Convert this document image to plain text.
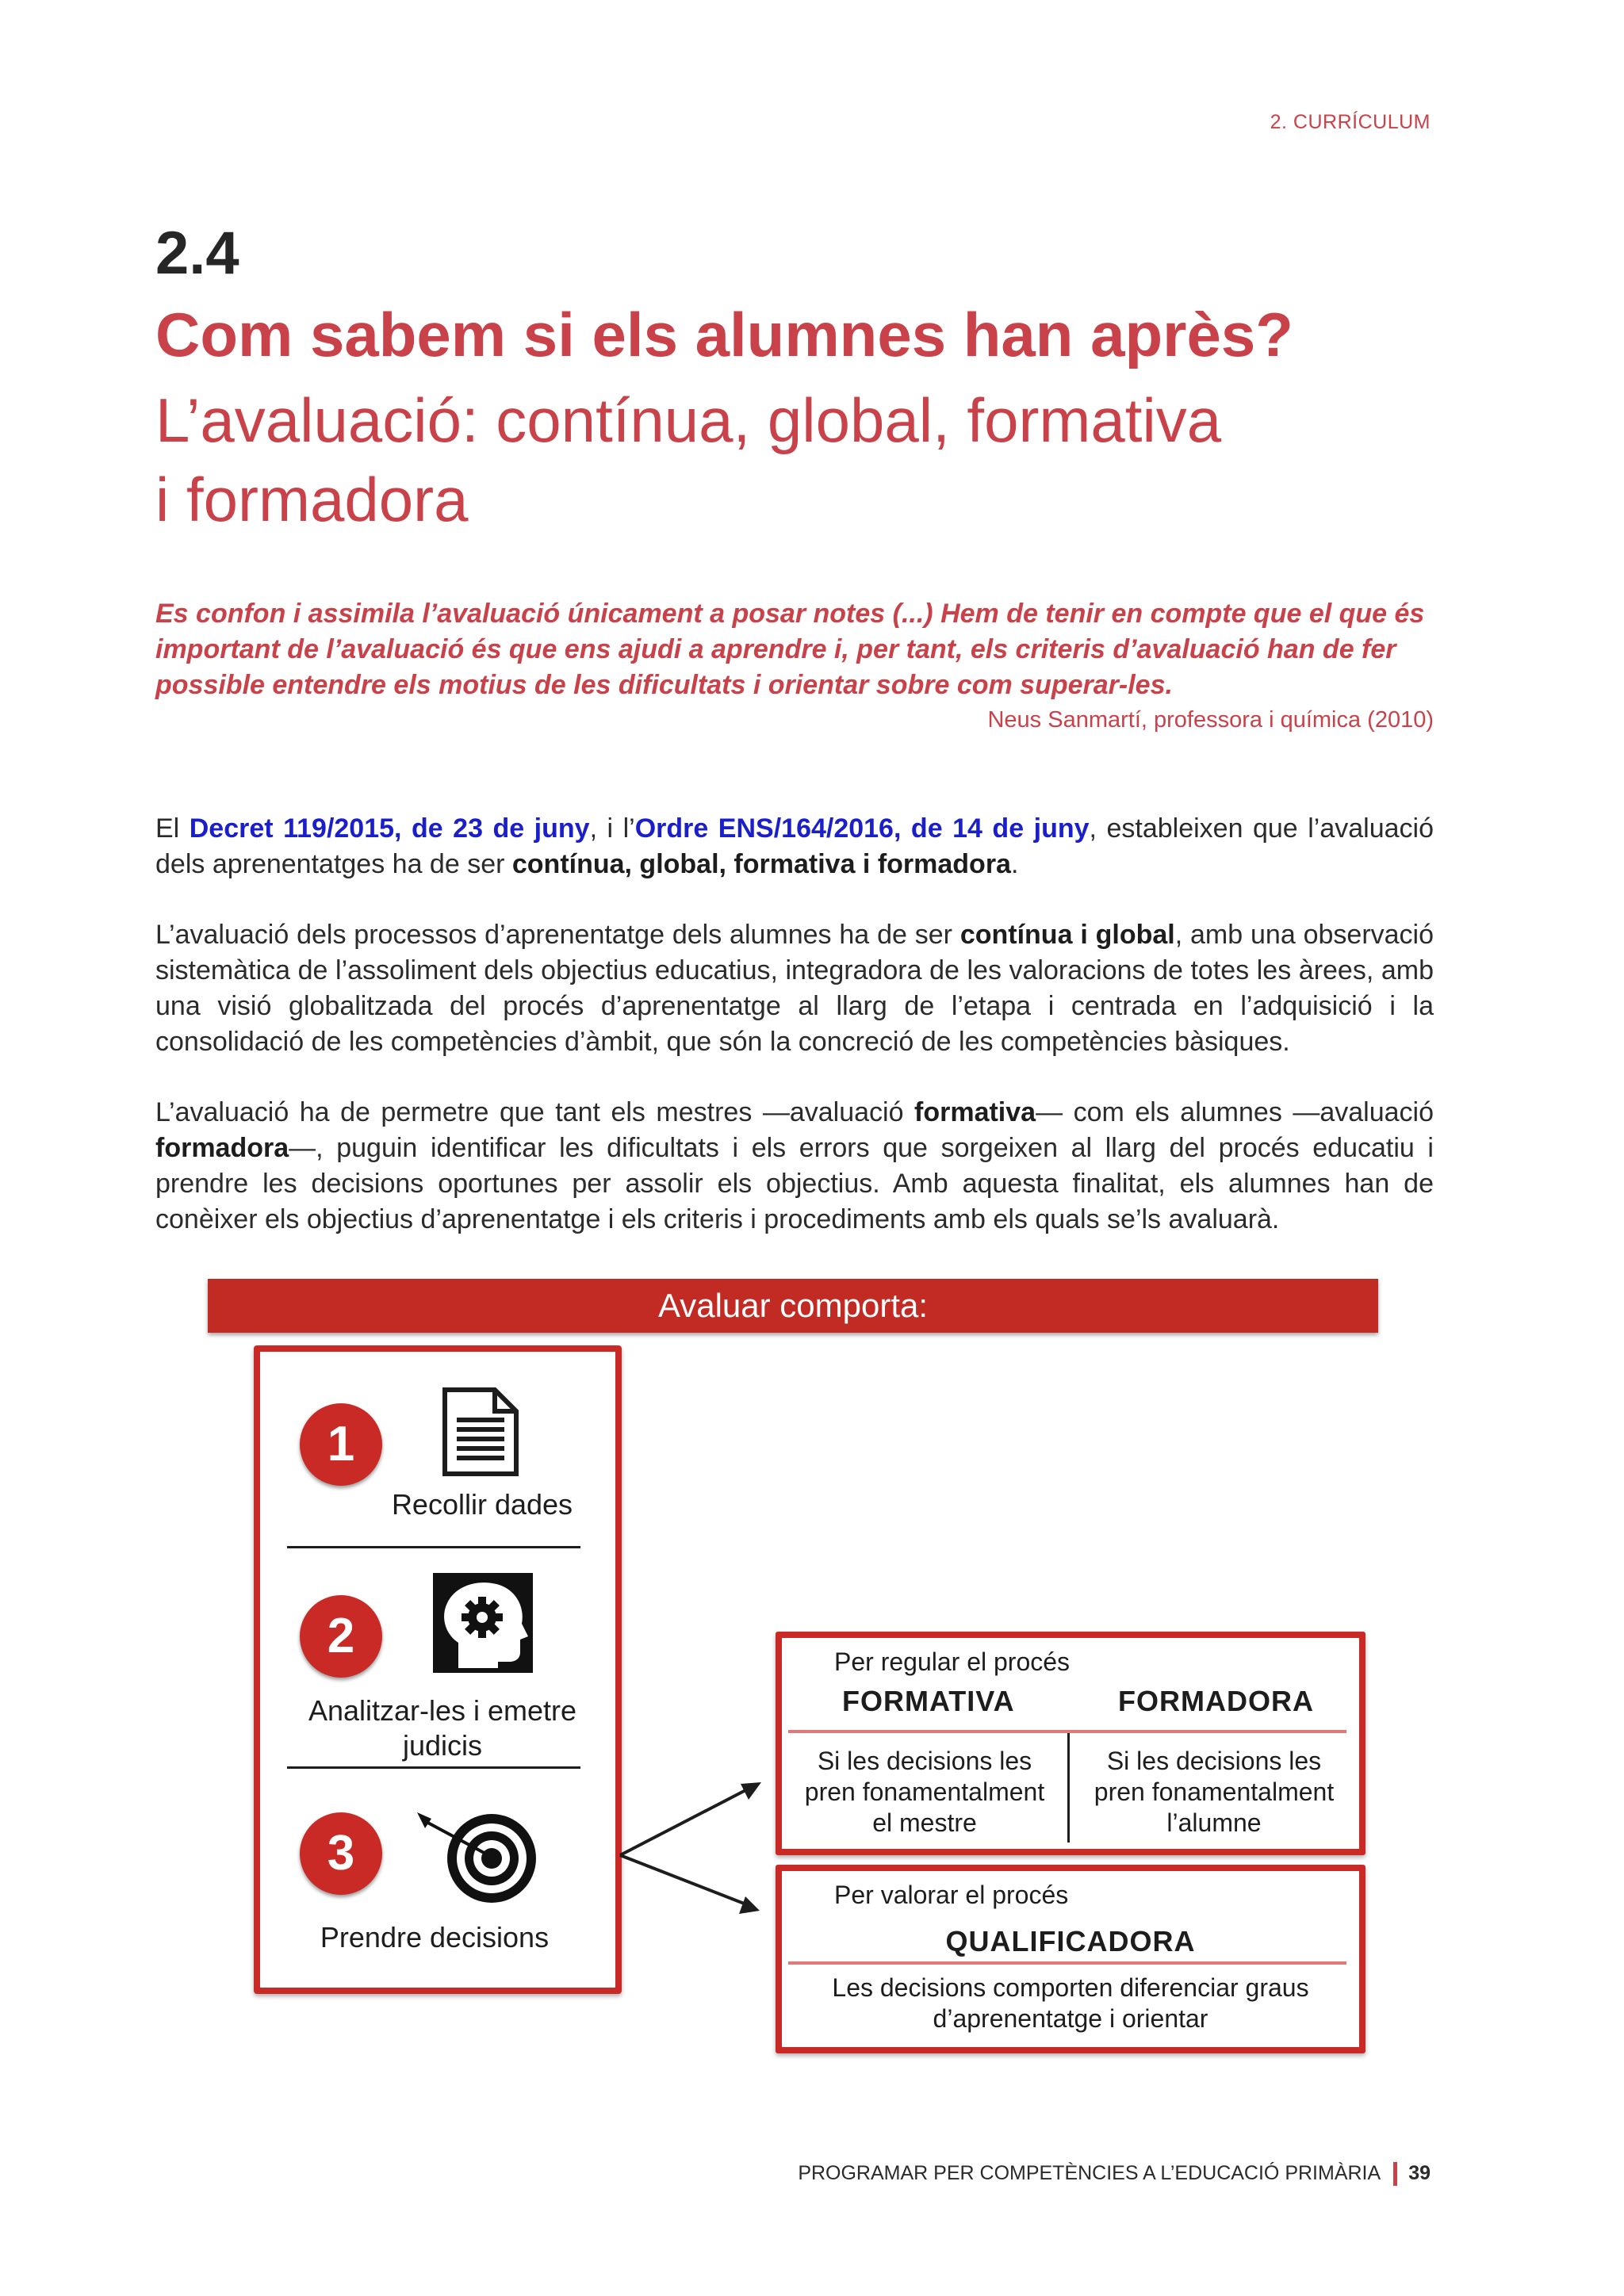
2. CURRÍCULUM
2.4
Com sabem si els alumnes han après?
L’avaluació: contínua, global, formativa
i formadora
Es confon i assimila l’avaluació únicament a posar notes (...) Hem de tenir en compte que el que és important de l’avaluació és que ens ajudi a aprendre i, per tant, els criteris d’avaluació han de fer possible entendre els motius de les dificultats i orientar sobre com superar-les.
Neus Sanmartí, professora i química (2010)
El Decret 119/2015, de 23 de juny, i l’Ordre ENS/164/2016, de 14 de juny, estableixen que l’avaluació dels aprenentatges ha de ser contínua, global, formativa i formadora.
L’avaluació dels processos d’aprenentatge dels alumnes ha de ser contínua i global, amb una observació sistemàtica de l’assoliment dels objectius educatius, integradora de les valoracions de totes les àrees, amb una visió globalitzada del procés d’aprenentatge al llarg de l’etapa i centrada en l’adquisició i la consolidació de les competències d’àmbit, que són la concreció de les competències bàsiques.
L’avaluació ha de permetre que tant els mestres —avaluació formativa— com els alumnes —avaluació formadora—, puguin identificar les dificultats i els errors que sorgeixen al llarg del procés educatiu i prendre les decisions oportunes per assolir els objectius. Amb aquesta finalitat, els alumnes han de conèixer els objectius d’aprenentatge i els criteris i procediments amb els quals se’ls avaluarà.
Avaluar comporta:
1
Recollir dades
2
Analitzar-les i emetre
judicis
3
Prendre decisions
Per regular el procés
FORMATIVA	FORMADORA
Si les decisions les
pren fonamentalment
el mestre
Si les decisions les
pren fonamentalment
l’alumne
Per valorar el procés
QUALIFICADORA
Les decisions comporten diferenciar graus
d’aprenentatge i orientar
PROGRAMAR PER COMPETÈNCIES A L’EDUCACIÓ PRIMÀRIA 39
